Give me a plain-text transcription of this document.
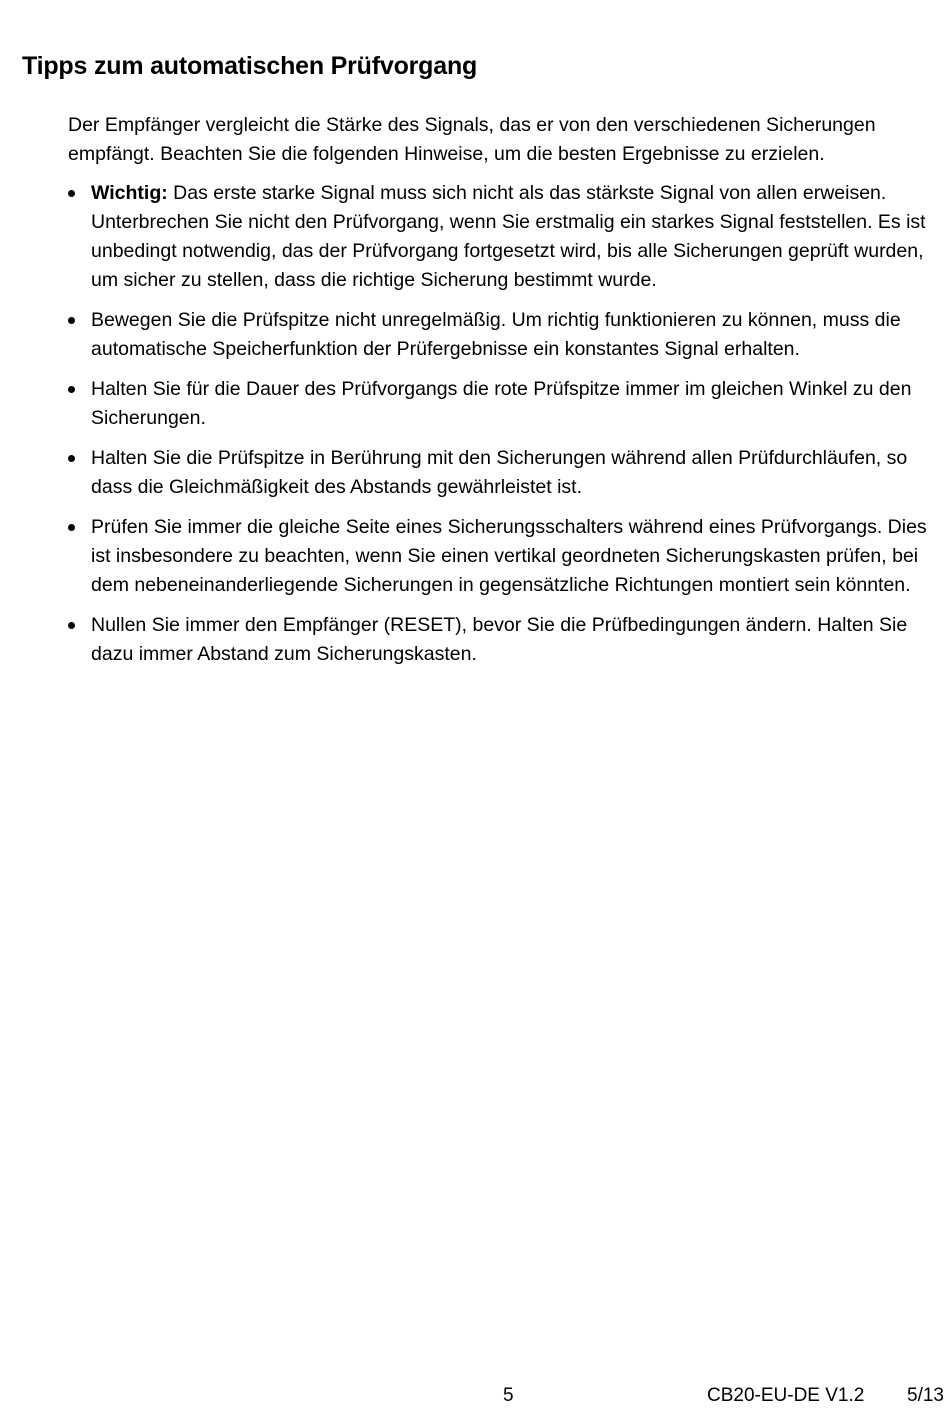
Tipps zum automatischen Prüfvorgang

Der Empfänger vergleicht die Stärke des Signals, das er von den verschiedenen Sicherungen empfängt. Beachten Sie die folgenden Hinweise, um die besten Ergebnisse zu erzielen.

Wichtig: Das erste starke Signal muss sich nicht als das stärkste Signal von allen erweisen. Unterbrechen Sie nicht den Prüfvorgang, wenn Sie erstmalig ein starkes Signal feststellen. Es ist unbedingt notwendig, das der Prüfvorgang fortgesetzt wird, bis alle Sicherungen geprüft wurden, um sicher zu stellen, dass die richtige Sicherung bestimmt wurde.
Bewegen Sie die Prüfspitze nicht unregelmäßig. Um richtig funktionieren zu können, muss die automatische Speicherfunktion der Prüfergebnisse ein konstantes Signal erhalten.
Halten Sie für die Dauer des Prüfvorgangs die rote Prüfspitze immer im gleichen Winkel zu den Sicherungen.
Halten Sie die Prüfspitze in Berührung mit den Sicherungen während allen Prüfdurchläufen, so dass die Gleichmäßigkeit des Abstands gewährleistet ist.
Prüfen Sie immer die gleiche Seite eines Sicherungsschalters während eines Prüfvorgangs. Dies ist insbesondere zu beachten, wenn Sie einen vertikal geordneten Sicherungskasten prüfen, bei dem nebeneinanderliegende Sicherungen in gegensätzliche Richtungen montiert sein könnten.
Nullen Sie immer den Empfänger (RESET), bevor Sie die Prüfbedingungen ändern. Halten Sie dazu immer Abstand zum Sicherungskasten.
5	CB20-EU-DE V1.2 5/13
